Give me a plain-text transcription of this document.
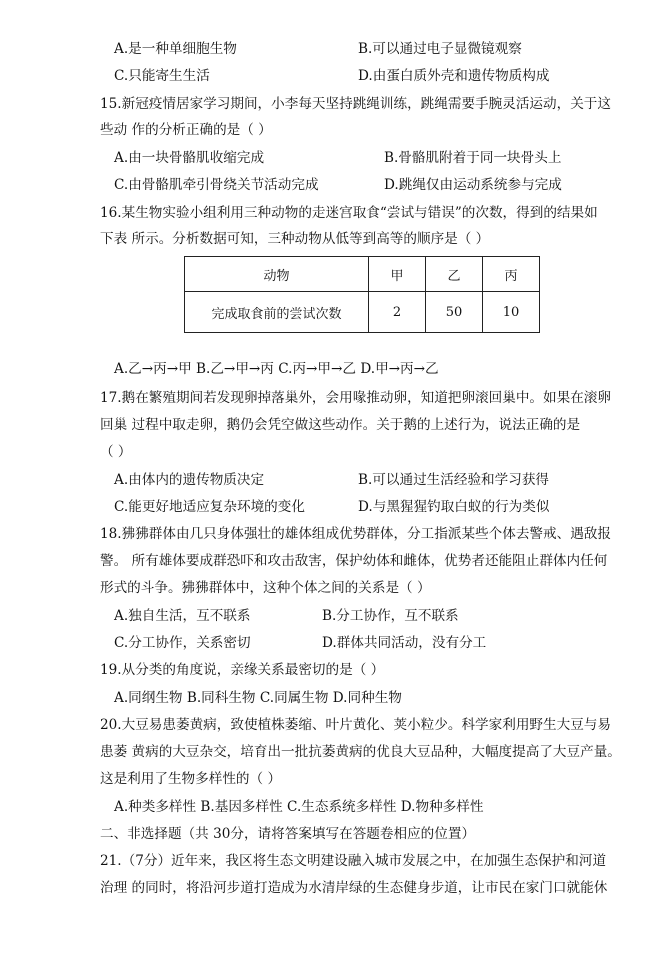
A.是一种单细胞生物	B.可以通过电子显微镜观察
C.只能寄生生活	D.由蛋白质外壳和遗传物质构成
15.新冠疫情居家学习期间，小李每天坚持跳绳训练，跳绳需要手腕灵活运动，关于这
些动 作的分析正确的是（ ）
A.由一块骨骼肌收缩完成	B.骨骼肌附着于同一块骨头上
C.由骨骼肌牵引骨绕关节活动完成	D.跳绳仅由运动系统参与完成
16.某生物实验小组利用三种动物的走迷宫取食“尝试与错误”的次数，得到的结果如
下表 所示。分析数据可知，三种动物从低等到高等的顺序是（ ）
动物	甲	乙	丙
完成取食前的尝试次数	2	50	10
A.乙→丙→甲 B.乙→甲→丙 C.丙→甲→乙 D.甲→丙→乙
17.鹅在繁殖期间若发现卵掉落巢外，会用喙推动卵，知道把卵滚回巢中。如果在滚卵
回巢 过程中取走卵，鹅仍会凭空做这些动作。关于鹅的上述行为，说法正确的是
（ ）
A.由体内的遗传物质决定	B.可以通过生活经验和学习获得
C.能更好地适应复杂环境的变化	D.与黑猩猩钓取白蚁的行为类似
18.狒狒群体由几只身体强壮的雄体组成优势群体，分工指派某些个体去警戒、遇敌报
警。 所有雄体要成群恐吓和攻击敌害，保护幼体和雌体，优势者还能阻止群体内任何
形式的斗争。狒狒群体中，这种个体之间的关系是（ ）
A.独自生活，互不联系	B.分工协作，互不联系
C.分工协作，关系密切	D.群体共同活动，没有分工
19.从分类的角度说，亲缘关系最密切的是（ ）
A.同纲生物 B.同科生物 C.同属生物 D.同种生物
20.大豆易患萎黄病，致使植株萎缩、叶片黄化、荚小粒少。科学家利用野生大豆与易
患萎 黄病的大豆杂交，培育出一批抗萎黄病的优良大豆品种，大幅度提高了大豆产量。
这是利用了生物多样性的（ ）
A.种类多样性 B.基因多样性 C.生态系统多样性 D.物种多样性
二、非选择题（共 30分，请将答案填写在答题卷相应的位置）
21.（7分）近年来，我区将生态文明建设融入城市发展之中，在加强生态保护和河道
治理 的同时，将沿河步道打造成为水清岸绿的生态健身步道，让市民在家门口就能休
